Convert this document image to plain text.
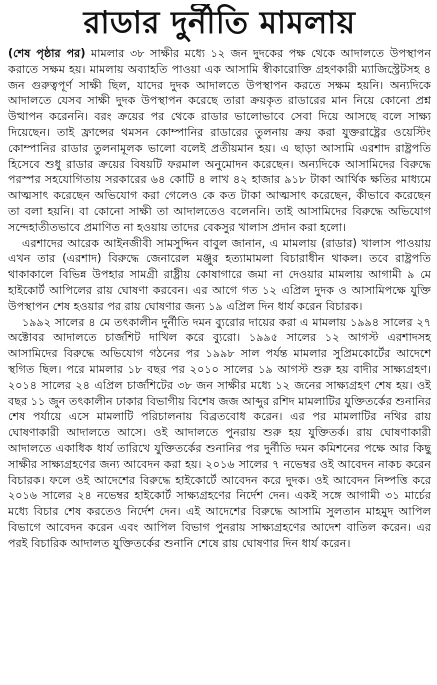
রাডার দুর্নীতি মামলায়

(শেষ পৃষ্ঠার পর) মামলার ৩৮ সাক্ষীর মধ্যে ১২ জন দুদকের পক্ষ থেকে আদালতে উপস্থাপন করাতে সক্ষম হয়। মামলায় অব্যাহতি পাওয়া এক আসামি স্বীকারোক্তি গ্রহণকারী ম্যাজিস্ট্রেটসহ ৪ জন গুরুত্বপূর্ণ সাক্ষী ছিল, যাদের দুদক আদালতে উপস্থাপন করতে সক্ষম হয়নি। অন্যদিকে আদালতে যেসব সাক্ষী দুদক উপস্থাপন করেছে তারা ক্রয়কৃত রাডারের মান নিয়ে কোনো প্রশ্ন উত্থাপন করেননি। বরং ক্রয়ের পর থেকে রাডার ভালোভাবে সেবা দিয়ে আসছে বলে সাক্ষ্য দিয়েছেন। তাই ফ্রান্সের থমসন কোম্পানির রাডারের তুলনায় ক্রয় করা যুক্তরাষ্ট্রের ওয়েস্টিং কোম্পানির রাডার তুলনামূলক ভালো বলেই প্রতীয়মান হয়। এ ছাড়া আসামি এরশাদ রাষ্ট্রপতি হিসেবে শুধু রাডার ক্রয়ের বিষয়টি ফরমাল অনুমোদন করেছেন। অন্যদিকে আসামিদের বিরুদ্ধে পরস্পর সহযোগিতায় সরকারের ৬৪ কোটি ৪ লাখ ৪২ হাজার ৯১৮ টাকা আর্থিক ক্ষতির মাধ্যমে আত্মসাৎ করেছেন অভিযোগ করা গেলেও কে কত টাকা আত্মসাৎ করেছেন, কীভাবে করেছেন তা বলা হয়নি। বা কোনো সাক্ষী তা আদালতেও বলেননি। তাই আসামিদের বিরুদ্ধে অভিযোগ সন্দেহাতীতভাবে প্রমাণিত না হওয়ায় তাদের বেকসুর খালাস প্রদান করা হলো।

এরশাদের আরেক আইনজীবী সামসুদ্দিন বাবুল জানান, এ মামলায় (রাডার) খালাস পাওয়ায় এখন তার (এরশাদ) বিরুদ্ধে জেনারেল মঞ্জুর হত্যামামলা বিচারাধীন থাকল। তবে রাষ্ট্রপতি থাকাকালে বিভিন্ন উপহার সামগ্রী রাষ্ট্রীয় কোষাগারে জমা না দেওয়ার মামলায় আগামী ৯ মে হাইকোর্ট আপিলের রায় ঘোষণা করবেন। এর আগে গত ১২ এপ্রিল দুদক ও আসামিপক্ষে যুক্তি উপস্থাপন শেষ হওয়ার পর রায় ঘোষণার জন্য ১৯ এপ্রিল দিন ধার্য করেন বিচারক।

১৯৯২ সালের ৪ মে তৎকালীন দুর্নীতি দমন ব্যুরোর দায়ের করা এ মামলায় ১৯৯৪ সালের ২৭ অক্টোবর আদালতে চার্জশিট দাখিল করে ব্যুরো। ১৯৯৫ সালের ১২ আগস্ট এরশাদসহ আসামিদের বিরুদ্ধে অভিযোগ গঠনের পর ১৯৯৮ সাল পর্যন্ত মামলার সুপ্রিমকোর্টের আদেশে স্থগিত ছিল। পরে মামলার ১৮ বছর পর ২০১০ সালের ১৯ আগস্ট শুরু হয় বাদীর সাক্ষ্যগ্রহণ। ২০১৪ সালের ২৪ এপ্রিল চার্জশিটের ৩৮ জন সাক্ষীর মধ্যে ১২ জনের সাক্ষ্যগ্রহণ শেষ হয়। ওই বছর ১১ জুন তৎকালীন ঢাকার বিভাগীয় বিশেষ জজ আব্দুর রশিদ মামলাটির যুক্তিতর্কের শুনানির শেষ পর্যায়ে এসে মামলাটি পরিচালনায় বিব্রতবোধ করেন। এর পর মামলাটির নথির রায় ঘোষণাকারী আদালতে আসে। ওই আদালতে পুনরায় শুরু হয় যুক্তিতর্ক। রায় ঘোষণাকারী আদালতে একাধিক ধার্য তারিখে যুক্তিতর্কের শুনানির পর দুর্নীতি দমন কমিশনের পক্ষে আর কিছু সাক্ষীর সাক্ষ্যগ্রহণের জন্য আবেদন করা হয়। ২০১৬ সালের ৭ নভেম্বর ওই আবেদন নাকচ করেন বিচারক। ফলে ওই আদেশের বিরুদ্ধে হাইকোর্টে আবেদন করে দুদক। ওই আবেদন নিষ্পত্তি করে ২০১৬ সালের ২৪ নভেম্বর হাইকোর্ট সাক্ষ্যগ্রহণের নির্দেশ দেন। একই সঙ্গে আগামী ৩১ মার্চের মধ্যে বিচার শেষ করতেও নির্দেশ দেন। এই আদেশের বিরুদ্ধে আসামি সুলতান মাহমুদ আপিল বিভাগে আবেদন করেন এবং আপিল বিভাগ পুনরায় সাক্ষ্যগ্রহণের আদেশ বাতিল করেন। এর পরই বিচারিক আদালত যুক্তিতর্কের শুনানি শেষে রায় ঘোষণার দিন ধার্য করেন।
